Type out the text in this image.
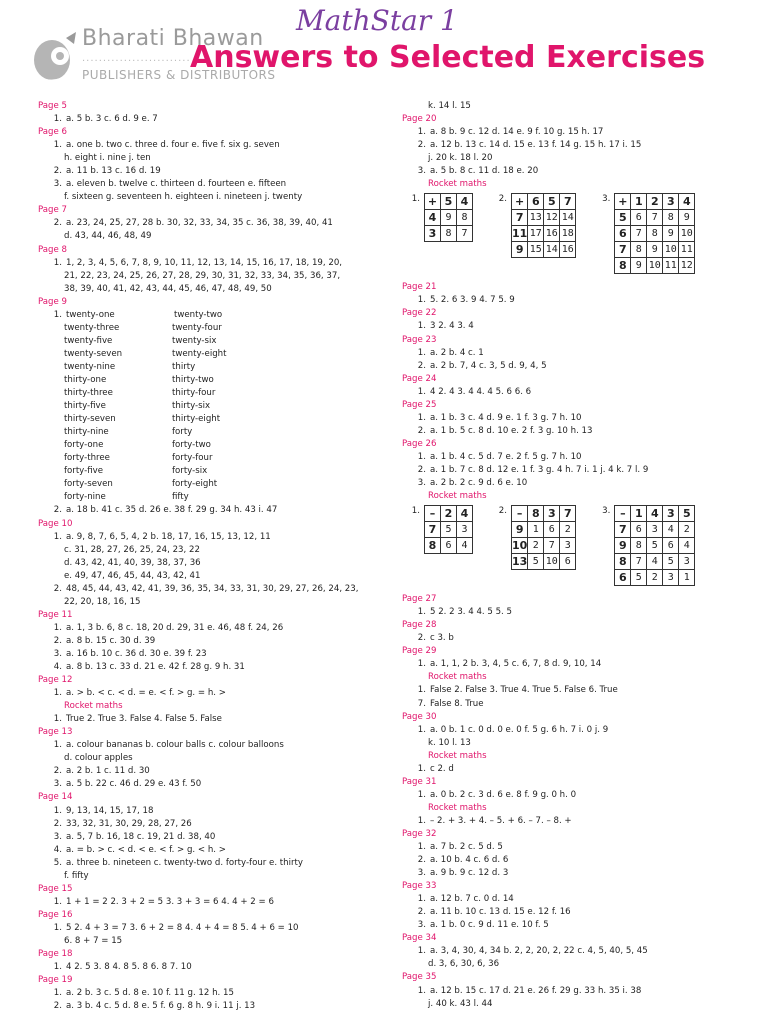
Bharati Bhawan
··························
PUBLISHERS & DISTRIBUTORS
MathStar 1
Answers to Selected Exercises
Page 5
1. a. 5 b. 3 c. 6 d. 9 e. 7
Page 6
1. a. one b. two c. three d. four e. five f. six g. seven
h. eight i. nine j. ten
2. a. 11 b. 13 c. 16 d. 19
3. a. eleven b. twelve c. thirteen d. fourteen e. fifteen
f. sixteen g. seventeen h. eighteen i. nineteen j. twenty
Page 7
2. a. 23, 24, 25, 27, 28 b. 30, 32, 33, 34, 35 c. 36, 38, 39, 40, 41
d. 43, 44, 46, 48, 49
Page 8
1. 1, 2, 3, 4, 5, 6, 7, 8, 9, 10, 11, 12, 13, 14, 15, 16, 17, 18, 19, 20,
21, 22, 23, 24, 25, 26, 27, 28, 29, 30, 31, 32, 33, 34, 35, 36, 37,
38, 39, 40, 41, 42, 43, 44, 45, 46, 47, 48, 49, 50
Page 9
1. twenty-one	twenty-two
twenty-three	twenty-four
twenty-five	twenty-six
twenty-seven	twenty-eight
twenty-nine	thirty
thirty-one	thirty-two
thirty-three	thirty-four
thirty-five	thirty-six
thirty-seven	thirty-eight
thirty-nine	forty
forty-one	forty-two
forty-three	forty-four
forty-five	forty-six
forty-seven	forty-eight
forty-nine	fifty
2. a. 18 b. 41 c. 35 d. 26 e. 38 f. 29 g. 34 h. 43 i. 47
Page 10
1. a. 9, 8, 7, 6, 5, 4, 2 b. 18, 17, 16, 15, 13, 12, 11
c. 31, 28, 27, 26, 25, 24, 23, 22
d. 43, 42, 41, 40, 39, 38, 37, 36
e. 49, 47, 46, 45, 44, 43, 42, 41
2. 48, 45, 44, 43, 42, 41, 39, 36, 35, 34, 33, 31, 30, 29, 27, 26, 24, 23,
22, 20, 18, 16, 15
Page 11
1. a. 1, 3 b. 6, 8 c. 18, 20 d. 29, 31 e. 46, 48 f. 24, 26
2. a. 8 b. 15 c. 30 d. 39
3. a. 16 b. 10 c. 36 d. 30 e. 39 f. 23
4. a. 8 b. 13 c. 33 d. 21 e. 42 f. 28 g. 9 h. 31
Page 12
1. a. > b. < c. < d. = e. < f. > g. = h. >
Rocket maths
1. True 2. True 3. False 4. False 5. False
Page 13
1. a. colour bananas b. colour balls c. colour balloons
d. colour apples
2. a. 2 b. 1 c. 11 d. 30
3. a. 5 b. 22 c. 46 d. 29 e. 43 f. 50
Page 14
1. 9, 13, 14, 15, 17, 18
2. 33, 32, 31, 30, 29, 28, 27, 26
3. a. 5, 7 b. 16, 18 c. 19, 21 d. 38, 40
4. a. = b. > c. < d. < e. < f. > g. < h. >
5. a. three b. nineteen c. twenty-two d. forty-four e. thirty
f. fifty
Page 15
1. 1 + 1 = 2 2. 3 + 2 = 5 3. 3 + 3 = 6 4. 4 + 2 = 6
Page 16
1. 5 2. 4 + 3 = 7 3. 6 + 2 = 8 4. 4 + 4 = 8 5. 4 + 6 = 10
6. 8 + 7 = 15
Page 18
1. 4 2. 5 3. 8 4. 8 5. 8 6. 8 7. 10
Page 19
1. a. 2 b. 3 c. 5 d. 8 e. 10 f. 11 g. 12 h. 15
2. a. 3 b. 4 c. 5 d. 8 e. 5 f. 6 g. 8 h. 9 i. 11 j. 13
k. 14 l. 15
Page 20
1. a. 8 b. 9 c. 12 d. 14 e. 9 f. 10 g. 15 h. 17
2. a. 12 b. 13 c. 14 d. 15 e. 13 f. 14 g. 15 h. 17 i. 15
j. 20 k. 18 l. 20
3. a. 5 b. 8 c. 11 d. 18 e. 20
Rocket maths
1. +	5	4
4	9	8
3	8	7
2. +	6	5	7
7	13	12	14
11	17	16	18
9	15	14	16
3. +	1	2	3	4
5	6	7	8	9
6	7	8	9	10
7	8	9	10	11
8	9	10	11	12
Page 21
1. 5. 2. 6 3. 9 4. 7 5. 9
Page 22
1. 3 2. 4 3. 4
Page 23
1. a. 2 b. 4 c. 1
2. a. 2 b. 7, 4 c. 3, 5 d. 9, 4, 5
Page 24
1. 4 2. 4 3. 4 4. 4 5. 6 6. 6
Page 25
1. a. 1 b. 3 c. 4 d. 9 e. 1 f. 3 g. 7 h. 10
2. a. 1 b. 5 c. 8 d. 10 e. 2 f. 3 g. 10 h. 13
Page 26
1. a. 1 b. 4 c. 5 d. 7 e. 2 f. 5 g. 7 h. 10
2. a. 1 b. 7 c. 8 d. 12 e. 1 f. 3 g. 4 h. 7 i. 1 j. 4 k. 7 l. 9
3. a. 2 b. 2 c. 9 d. 6 e. 10
Rocket maths
1. –	2	4
7	5	3
8	6	4
2. –	8	3	7
9	1	6	2
10	2	7	3
13	5	10	6
3. –	1	4	3	5
7	6	3	4	2
9	8	5	6	4
8	7	4	5	3
6	5	2	3	1
Page 27
1. 5 2. 2 3. 4 4. 5 5. 5
Page 28
2. c 3. b
Page 29
1. a. 1, 1, 2 b. 3, 4, 5 c. 6, 7, 8 d. 9, 10, 14
Rocket maths
1. False 2. False 3. True 4. True 5. False 6. True
7. False 8. True
Page 30
1. a. 0 b. 1 c. 0 d. 0 e. 0 f. 5 g. 6 h. 7 i. 0 j. 9
k. 10 l. 13
Rocket maths
1. c 2. d
Page 31
1. a. 0 b. 2 c. 3 d. 6 e. 8 f. 9 g. 0 h. 0
Rocket maths
1. – 2. + 3. + 4. – 5. + 6. – 7. – 8. +
Page 32
1. a. 7 b. 2 c. 5 d. 5
2. a. 10 b. 4 c. 6 d. 6
3. a. 9 b. 9 c. 12 d. 3
Page 33
1. a. 12 b. 7 c. 0 d. 14
2. a. 11 b. 10 c. 13 d. 15 e. 12 f. 16
3. a. 1 b. 0 c. 9 d. 11 e. 10 f. 5
Page 34
1. a. 3, 4, 30, 4, 34 b. 2, 2, 20, 2, 22 c. 4, 5, 40, 5, 45
d. 3, 6, 30, 6, 36
Page 35
1. a. 12 b. 15 c. 17 d. 21 e. 26 f. 29 g. 33 h. 35 i. 38
j. 40 k. 43 l. 44
